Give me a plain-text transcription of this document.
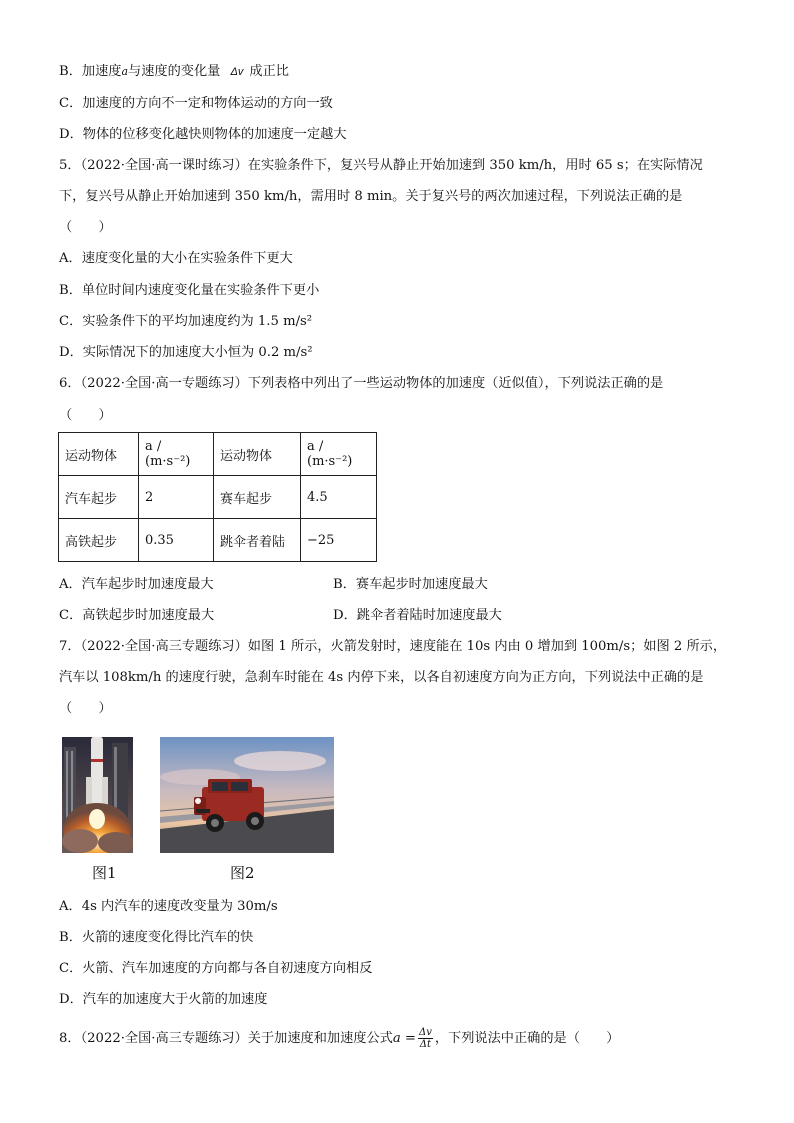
B．加速度a与速度的变化量 Δv 成正比
C．加速度的方向不一定和物体运动的方向一致
D．物体的位移变化越快则物体的加速度一定越大
5．（2022·全国·高一课时练习）在实验条件下，复兴号从静止开始加速到 350 km/h，用时 65 s；在实际情况
下，复兴号从静止开始加速到 350 km/h，需用时 8 min。关于复兴号的两次加速过程，下列说法正确的是
（　　）
A．速度变化量的大小在实验条件下更大
B．单位时间内速度变化量在实验条件下更小
C．实验条件下的平均加速度约为 1.5 m/s²
D．实际情况下的加速度大小恒为 0.2 m/s²
6．（2022·全国·高一专题练习）下列表格中列出了一些运动物体的加速度（近似值），下列说法正确的是
（　　）
运动物体	a / (m·s⁻²)	运动物体	a / (m·s⁻²)
汽车起步	2	赛车起步	4.5
高铁起步	0.35	跳伞者着陆	−25
A．汽车起步时加速度最大	B．赛车起步时加速度最大
C．高铁起步时加速度最大	D．跳伞者着陆时加速度最大
7．（2022·全国·高三专题练习）如图 1 所示，火箭发射时，速度能在 10s 内由 0 增加到 100m/s；如图 2 所示，
汽车以 108km/h 的速度行驶，急刹车时能在 4s 内停下来，以各自初速度方向为正方向，下列说法中正确的是
（　　）
图1	图2
A．4s 内汽车的速度改变量为 30m/s
B．火箭的速度变化得比汽车的快
C．火箭、汽车加速度的方向都与各自初速度方向相反
D．汽车的加速度大于火箭的加速度
8．（2022·全国·高三专题练习）关于加速度和加速度公式$a = \frac{\Delta v}{\Delta t}$ ，下列说法中正确的是（　　）
